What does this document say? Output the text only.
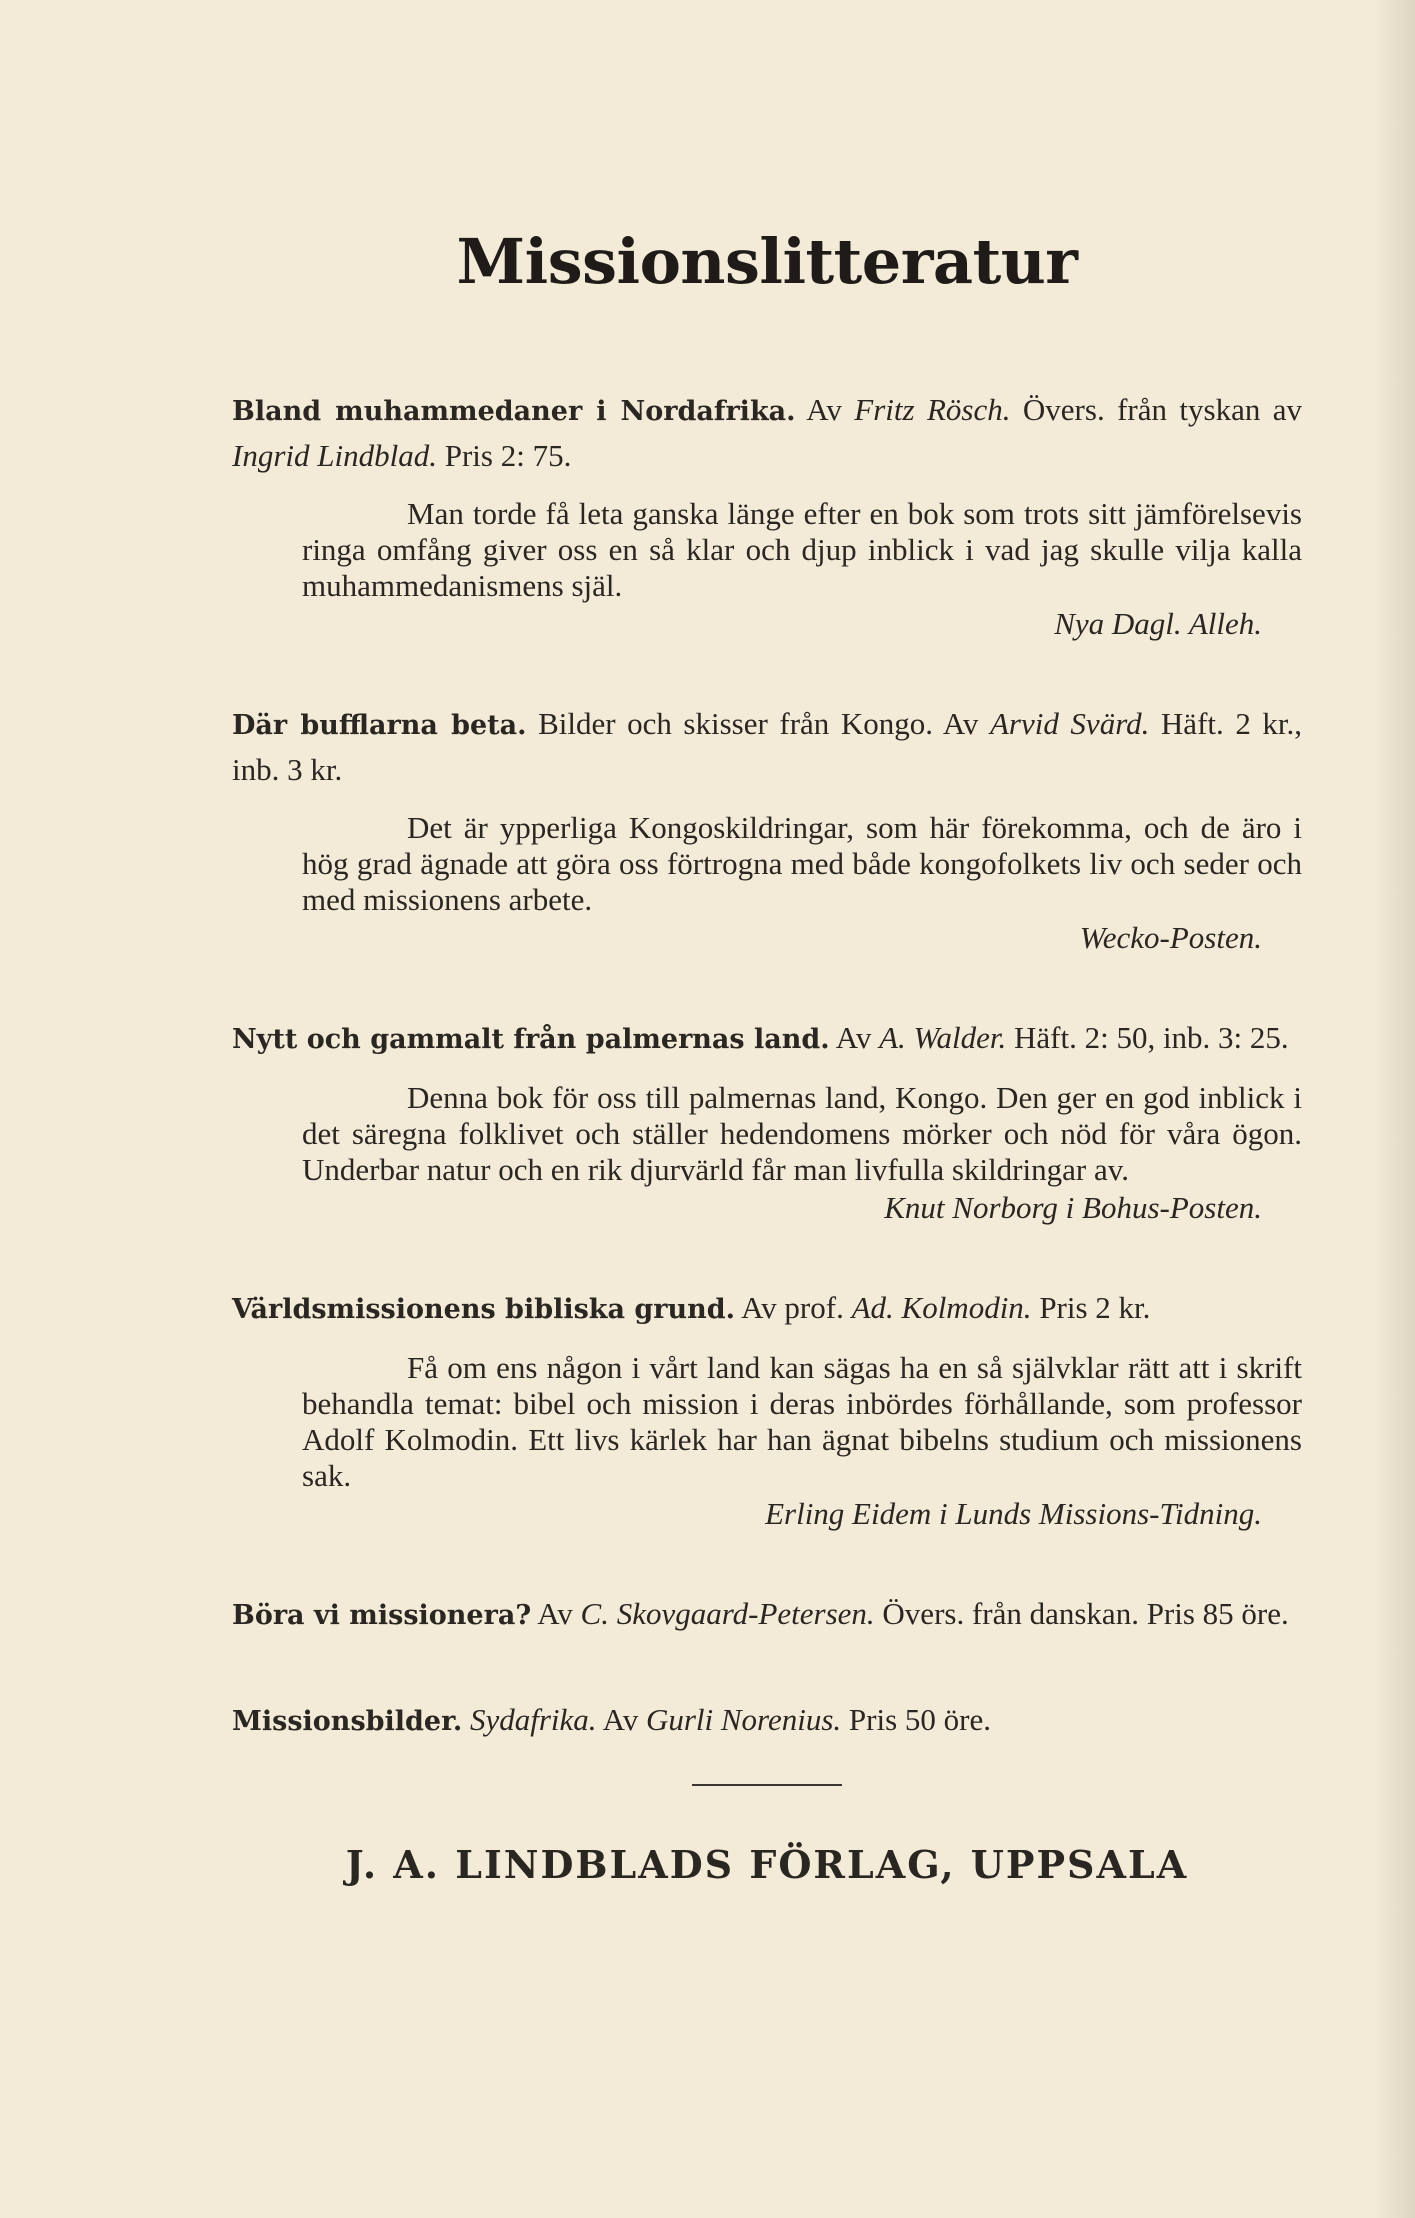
Missionslitteratur

Bland muhammedaner i Nordafrika. Av Fritz Rösch. Övers. från tyskan av Ingrid Lindblad. Pris 2: 75.

Man torde få leta ganska länge efter en bok som trots sitt jämförelsevis ringa omfång giver oss en så klar och djup inblick i vad jag skulle vilja kalla muhammedanismens själ.

Nya Dagl. Alleh.

Där bufflarna beta. Bilder och skisser från Kongo. Av Arvid Svärd. Häft. 2 kr., inb. 3 kr.

Det är ypperliga Kongoskildringar, som här förekomma, och de äro i hög grad ägnade att göra oss förtrogna med både kongofolkets liv och seder och med missionens arbete.

Wecko-Posten.

Nytt och gammalt från palmernas land. Av A. Walder. Häft. 2: 50, inb. 3: 25.

Denna bok för oss till palmernas land, Kongo. Den ger en god inblick i det säregna folklivet och ställer hedendomens mörker och nöd för våra ögon. Underbar natur och en rik djurvärld får man livfulla skildringar av.

Knut Norborg i Bohus-Posten.

Världsmissionens bibliska grund. Av prof. Ad. Kolmodin. Pris 2 kr.

Få om ens någon i vårt land kan sägas ha en så självklar rätt att i skrift behandla temat: bibel och mission i deras inbördes förhållande, som professor Adolf Kolmodin. Ett livs kärlek har han ägnat bibelns studium och missionens sak.

Erling Eidem i Lunds Missions-Tidning.

Böra vi missionera? Av C. Skovgaard-Petersen. Övers. från danskan. Pris 85 öre.

Missionsbilder. Sydafrika. Av Gurli Norenius. Pris 50 öre.

J. A. LINDBLADS FÖRLAG, UPPSALA
